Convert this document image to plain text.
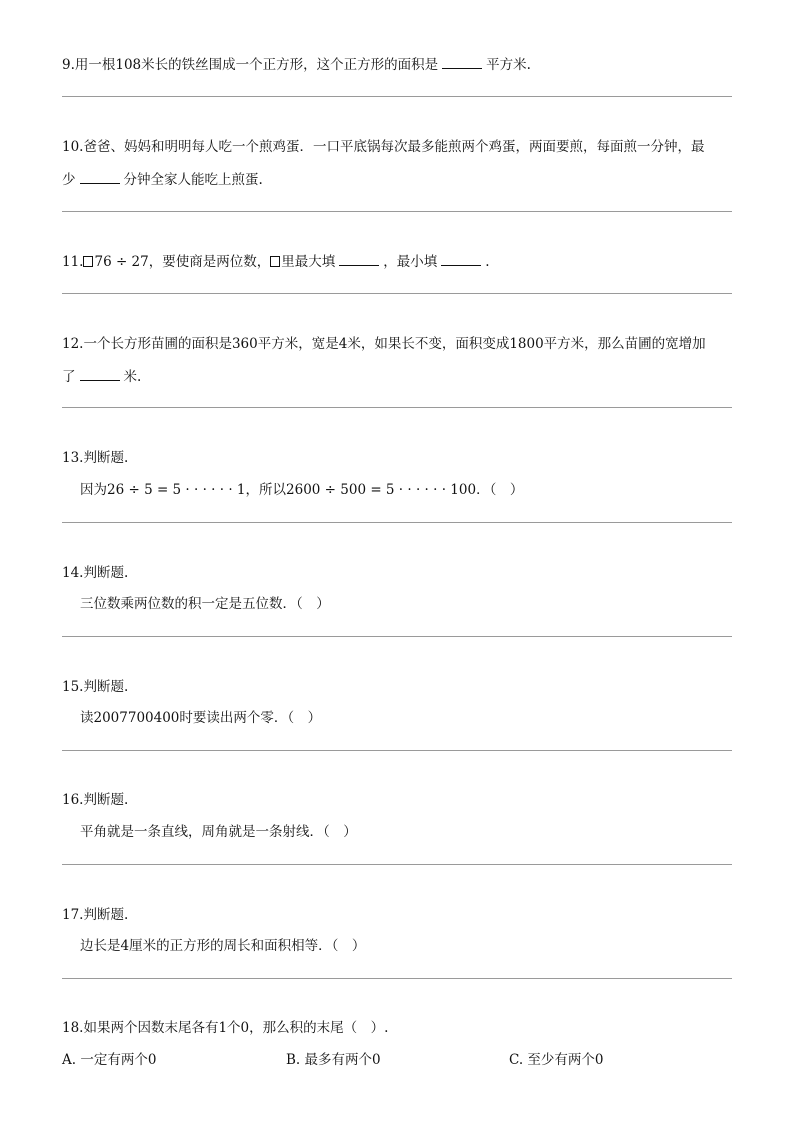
9.用一根108米长的铁丝围成一个正方形，这个正方形的面积是	平方米.
10.爸爸、妈妈和明明每人吃一个煎鸡蛋．一口平底锅每次最多能煎两个鸡蛋，两面要煎，每面煎一分钟，最
少	分钟全家人能吃上煎蛋.
11. 76 ÷ 27，要使商是两位数， 里最大填	，最小填	.
12.一个长方形苗圃的面积是360平方米，宽是4米，如果长不变，面积变成1800平方米，那么苗圃的宽增加
了	米.
13.判断题.
因为26 ÷ 5 = 5 · · · · · · 1，所以2600 ÷ 500 = 5 · · · · · · 100．（　）
14.判断题.
三位数乘两位数的积一定是五位数．（　）
15.判断题.
读2007700400时要读出两个零．（　）
16.判断题.
平角就是一条直线，周角就是一条射线．（　）
17.判断题.
边长是4厘米的正方形的周长和面积相等．（　）
18.如果两个因数末尾各有1个0，那么积的末尾（　）.
A. 一定有两个0	B. 最多有两个0	C. 至少有两个0
